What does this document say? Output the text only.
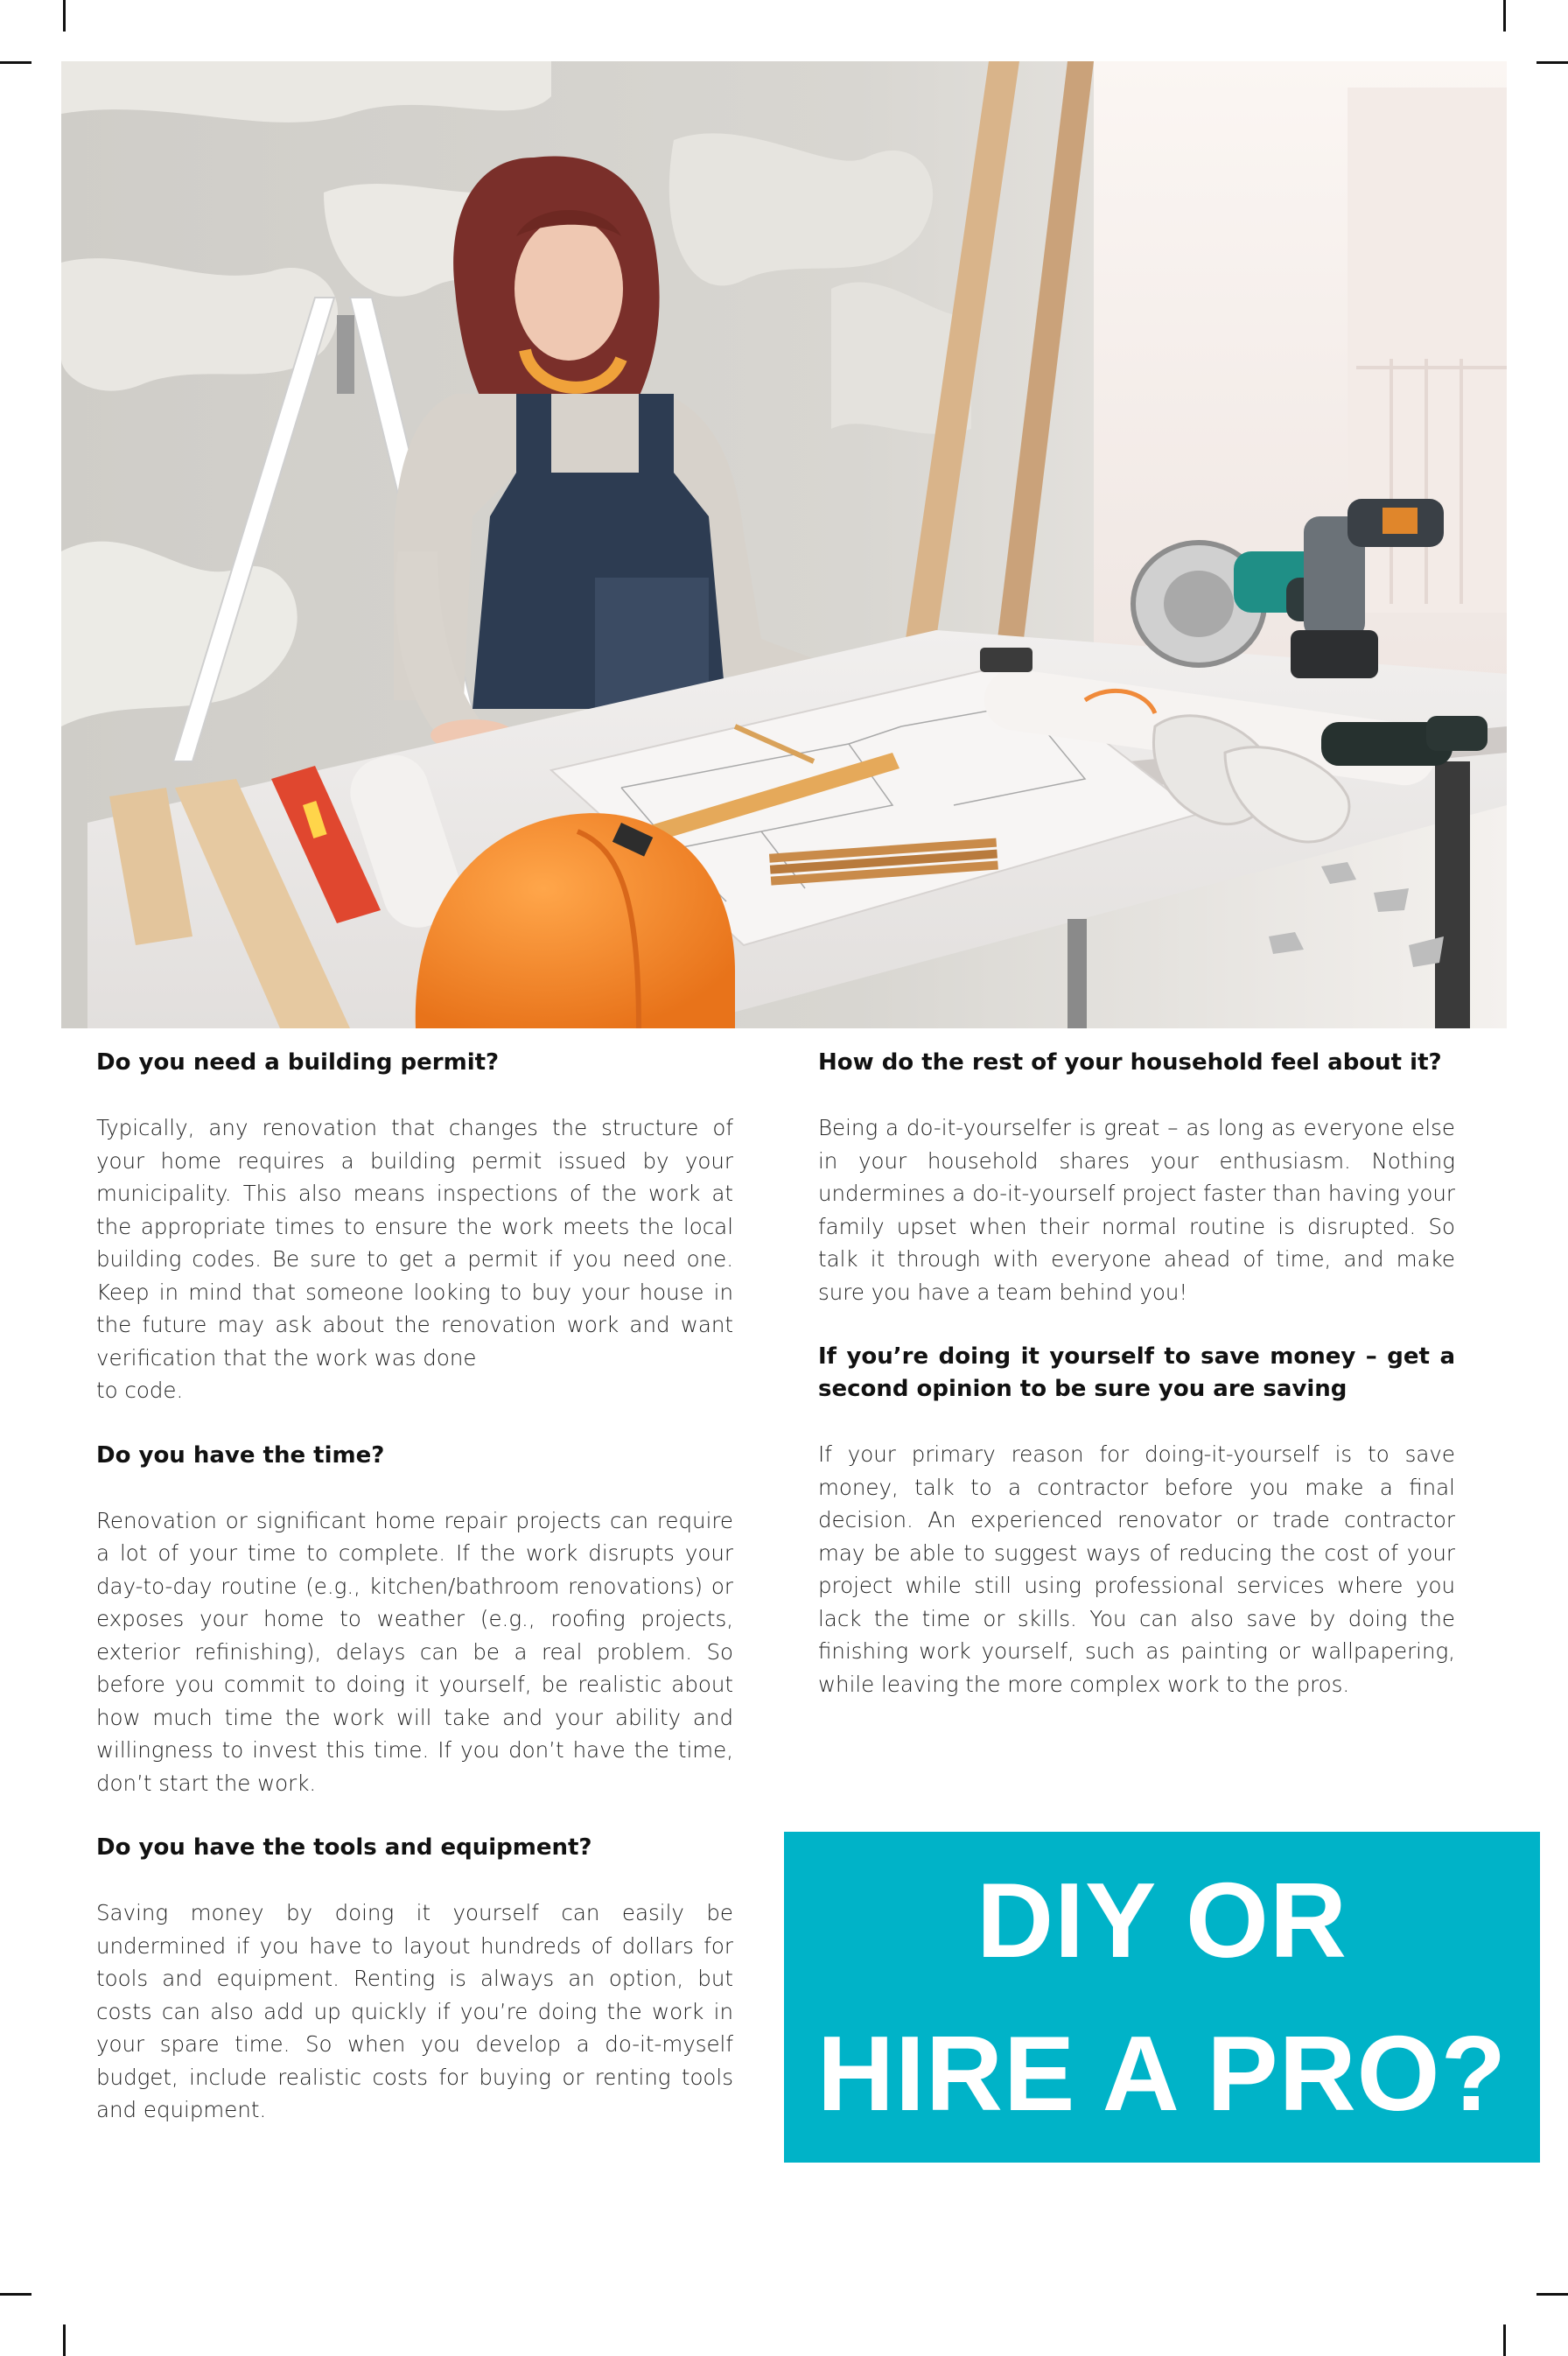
Do you need a building permit?

Typically, any renovation that changes the structure of your home requires a building permit issued by your municipality. This also means inspections of the work at the appropriate times to ensure the work meets the local building codes. Be sure to get a permit if you need one. Keep in mind that someone looking to buy your house in the future may ask about the renovation work and want verification that the work was done
to code.

Do you have the time?

Renovation or significant home repair projects can require a lot of your time to complete. If the work disrupts your day-to-day routine (e.g., kitchen/bathroom renovations) or exposes your home to weather (e.g., roofing projects, exterior refinishing), delays can be a real problem. So before you commit to doing it yourself, be realistic about how much time the work will take and your ability and willingness to invest this time. If you don’t have the time, don’t start the work.

Do you have the tools and equipment?

Saving money by doing it yourself can easily be undermined if you have to layout hundreds of dollars for tools and equipment. Renting is always an option, but costs can also add up quickly if you’re doing the work in your spare time. So when you develop a do-it-myself budget, include realistic costs for buying or renting tools and equipment.

How do the rest of your household feel about it?

Being a do-it-yourselfer is great – as long as everyone else in your household shares your enthusiasm. Nothing undermines a do-it-yourself project faster than having your family upset when their normal routine is disrupted. So talk it through with everyone ahead of time, and make sure you have a team behind you!

If you’re doing it yourself to save money – get a second opinion to be sure you are saving

If your primary reason for doing-it-yourself is to save money, talk to a contractor before you make a final decision. An experienced renovator or trade contractor may be able to suggest ways of reducing the cost of your project while still using professional services where you lack the time or skills. You can also save by doing the finishing work yourself, such as painting or wallpapering, while leaving the more complex work to the pros.

DIY OR
HIRE A PRO?
